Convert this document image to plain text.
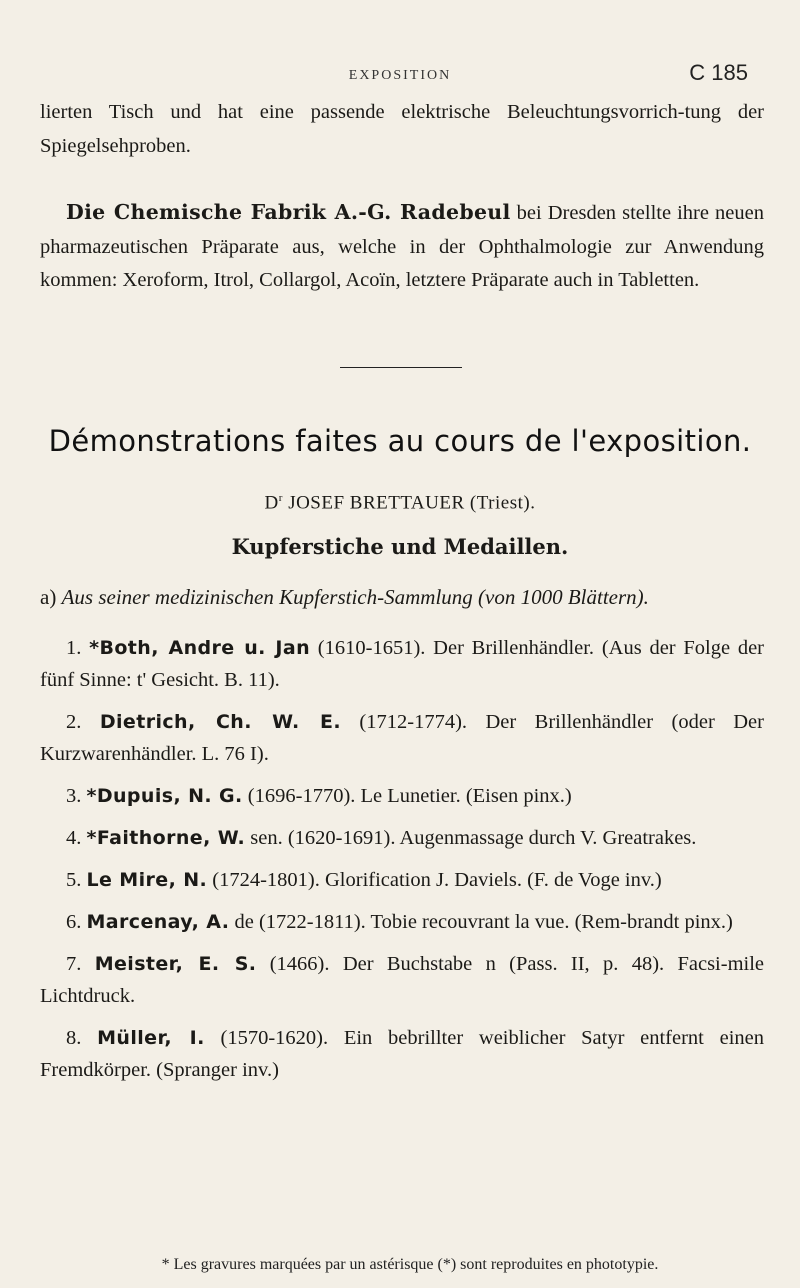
EXPOSITION	C 185

lierten Tisch und hat eine passende elektrische Beleuchtungsvorrich-tung der Spiegelsehproben.

Die Chemische Fabrik A.-G. Radebeul bei Dresden stellte ihre neuen pharmazeutischen Präparate aus, welche in der Ophthalmologie zur Anwendung kommen: Xeroform, Itrol, Collargol, Acoïn, letztere Präparate auch in Tabletten.

Démonstrations faites au cours de l'exposition.
$D^r$ JOSEF BRETTAUER (Triest).
Kupferstiche und Medaillen.
a) Aus seiner medizinischen Kupferstich-Sammlung (von 1000 Blättern).

1. *Both, Andre u. Jan (1610-1651). Der Brillenhändler. (Aus der Folge der fünf Sinne: t' Gesicht. B. 11).

2. Dietrich, Ch. W. E. (1712-1774). Der Brillenhändler (oder Der Kurzwarenhändler. L. 76 I).

3. *Dupuis, N. G. (1696-1770). Le Lunetier. (Eisen pinx.)

4. *Faithorne, W. sen. (1620-1691). Augenmassage durch V. Greatrakes.

5. Le Mire, N. (1724-1801). Glorification J. Daviels. (F. de Voge inv.)

6. Marcenay, A. de (1722-1811). Tobie recouvrant la vue. (Rem-brandt pinx.)

7. Meister, E. S. (1466). Der Buchstabe n (Pass. II, p. 48). Facsi-mile Lichtdruck.

8. Müller, I. (1570-1620). Ein bebrillter weiblicher Satyr entfernt einen Fremdkörper. (Spranger inv.)

* Les gravures marquées par un astérisque (*) sont reproduites en phototypie.
